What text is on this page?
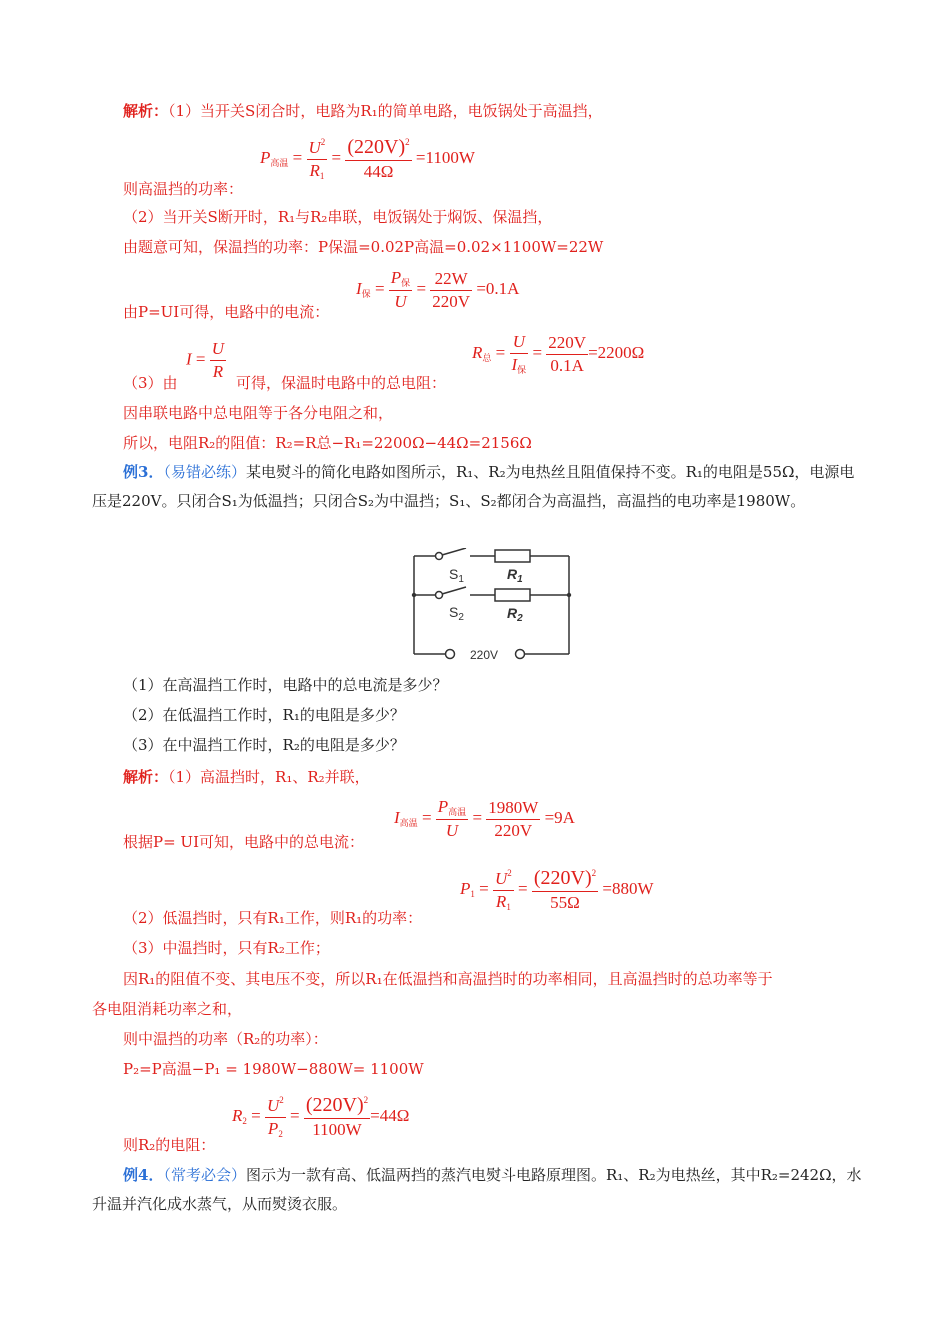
解析：（1）当开关S闭合时，电路为R₁的简单电路，电饭锅处于高温挡，
$P_{高温} = \frac{U^2}{R_1} = \frac{(220V)^2}{44\Omega} =1100W$
则高温挡的功率：
（2）当开关S断开时，R₁与R₂串联，电饭锅处于焖饭、保温挡，
由题意可知，保温挡的功率：P保温=0.02P高温=0.02×1100W=22W
$I_保 = \frac{P_保}{U} = \frac{22W}{220V} =0.1A$
由P=UI可得，电路中的电流：
$I = \frac{U}{R}$
（3）由	可得，保温时电路中的总电阻：
$R_总 = \frac{U}{I_保} = \frac{220V}{0.1A} =2200\Omega$
因串联电路中总电阻等于各分电阻之和，
所以，电阻R₂的阻值：R₂=R总−R₁=2200Ω−44Ω=2156Ω
例3．（易错必练）某电熨斗的简化电路如图所示，R₁、R₂为电热丝且阻值保持不变。R₁的电阻是55Ω，电源电压是220V。只闭合S₁为低温挡；只闭合S₂为中温挡；S₁、S₂都闭合为高温挡，高温挡的电功率是1980W。
$S_1$	$R_1$
$S_2$	$R_2$
220V
（1）在高温挡工作时，电路中的总电流是多少？
（2）在低温挡工作时，R₁的电阻是多少？
（3）在中温挡工作时，R₂的电阻是多少？
解析：（1）高温挡时，R₁、R₂并联，
$I_{高温} = \frac{P_{高温}}{U} = \frac{1980W}{220V} =9A$
根据P= UI可知，电路中的总电流：
$P_1 = \frac{U^2}{R_1} = \frac{(220V)^2}{55\Omega} =880W$
（2）低温挡时，只有R₁工作，则R₁的功率：
（3）中温挡时，只有R₂工作；
因R₁的阻值不变、其电压不变，所以R₁在低温挡和高温挡时的功率相同，且高温挡时的总功率等于
各电阻消耗功率之和，
则中温挡的功率（R₂的功率）：
P₂=P高温−P₁ = 1980W−880W= 1100W
$R_2 = \frac{U^2}{P_2} = \frac{(220V)^2}{1100W} =44\Omega$
则R₂的电阻：
例4．（常考必会）图示为一款有高、低温两挡的蒸汽电熨斗电路原理图。R₁、R₂为电热丝，其中R₂=242Ω，水升温并汽化成水蒸气，从而熨烫衣服。
